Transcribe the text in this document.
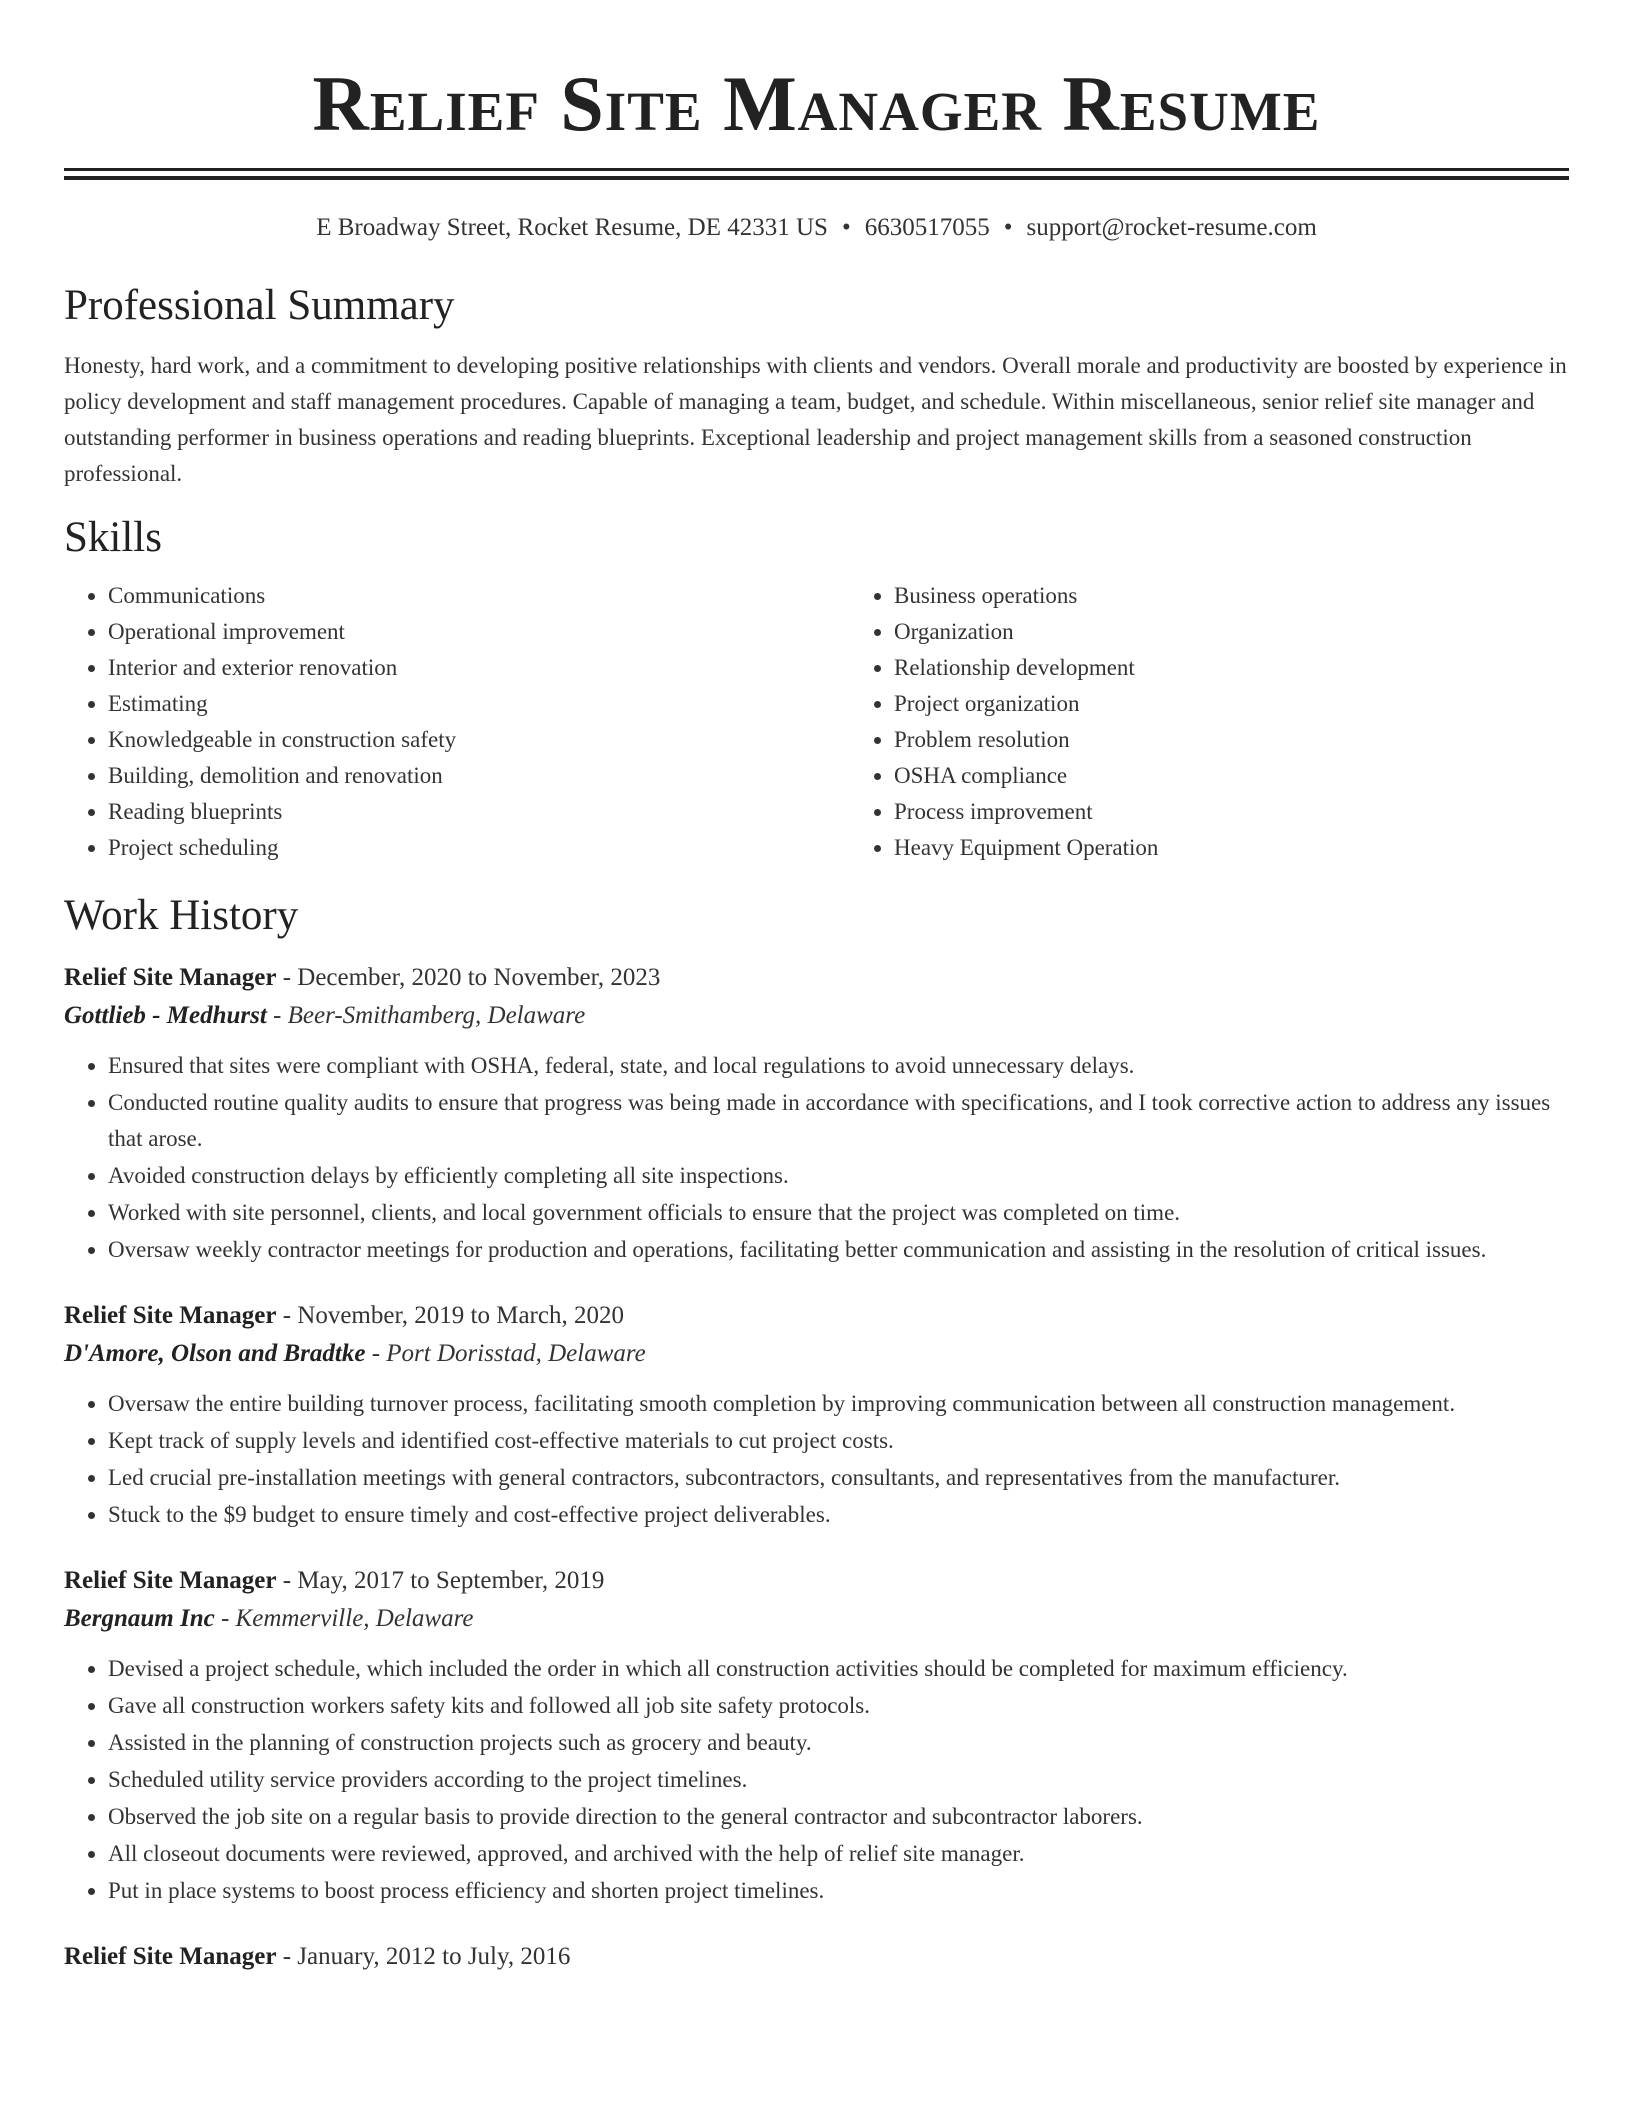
Relief Site Manager Resume
E Broadway Street, Rocket Resume, DE 42331 US • 6630517055 • support@rocket-resume.com
Professional Summary

Honesty, hard work, and a commitment to developing positive relationships with clients and vendors. Overall morale and productivity are boosted by experience in policy development and staff management procedures. Capable of managing a team, budget, and schedule. Within miscellaneous, senior relief site manager and outstanding performer in business operations and reading blueprints. Exceptional leadership and project management skills from a seasoned construction professional.

Skills
• Communications
• Operational improvement
• Interior and exterior renovation
• Estimating
• Knowledgeable in construction safety
• Building, demolition and renovation
• Reading blueprints
• Project scheduling
• Business operations
• Organization
• Relationship development
• Project organization
• Problem resolution
• OSHA compliance
• Process improvement
• Heavy Equipment Operation
Work History
Relief Site Manager - December, 2020 to November, 2023
Gottlieb - Medhurst - Beer-Smithamberg, Delaware
• Ensured that sites were compliant with OSHA, federal, state, and local regulations to avoid unnecessary delays.
• Conducted routine quality audits to ensure that progress was being made in accordance with specifications, and I took corrective action to address any issues that arose.
• Avoided construction delays by efficiently completing all site inspections.
• Worked with site personnel, clients, and local government officials to ensure that the project was completed on time.
• Oversaw weekly contractor meetings for production and operations, facilitating better communication and assisting in the resolution of critical issues.
Relief Site Manager - November, 2019 to March, 2020
D'Amore, Olson and Bradtke - Port Dorisstad, Delaware
• Oversaw the entire building turnover process, facilitating smooth completion by improving communication between all construction management.
• Kept track of supply levels and identified cost-effective materials to cut project costs.
• Led crucial pre-installation meetings with general contractors, subcontractors, consultants, and representatives from the manufacturer.
• Stuck to the $9 budget to ensure timely and cost-effective project deliverables.
Relief Site Manager - May, 2017 to September, 2019
Bergnaum Inc - Kemmerville, Delaware
• Devised a project schedule, which included the order in which all construction activities should be completed for maximum efficiency.
• Gave all construction workers safety kits and followed all job site safety protocols.
• Assisted in the planning of construction projects such as grocery and beauty.
• Scheduled utility service providers according to the project timelines.
• Observed the job site on a regular basis to provide direction to the general contractor and subcontractor laborers.
• All closeout documents were reviewed, approved, and archived with the help of relief site manager.
• Put in place systems to boost process efficiency and shorten project timelines.
Relief Site Manager - January, 2012 to July, 2016
